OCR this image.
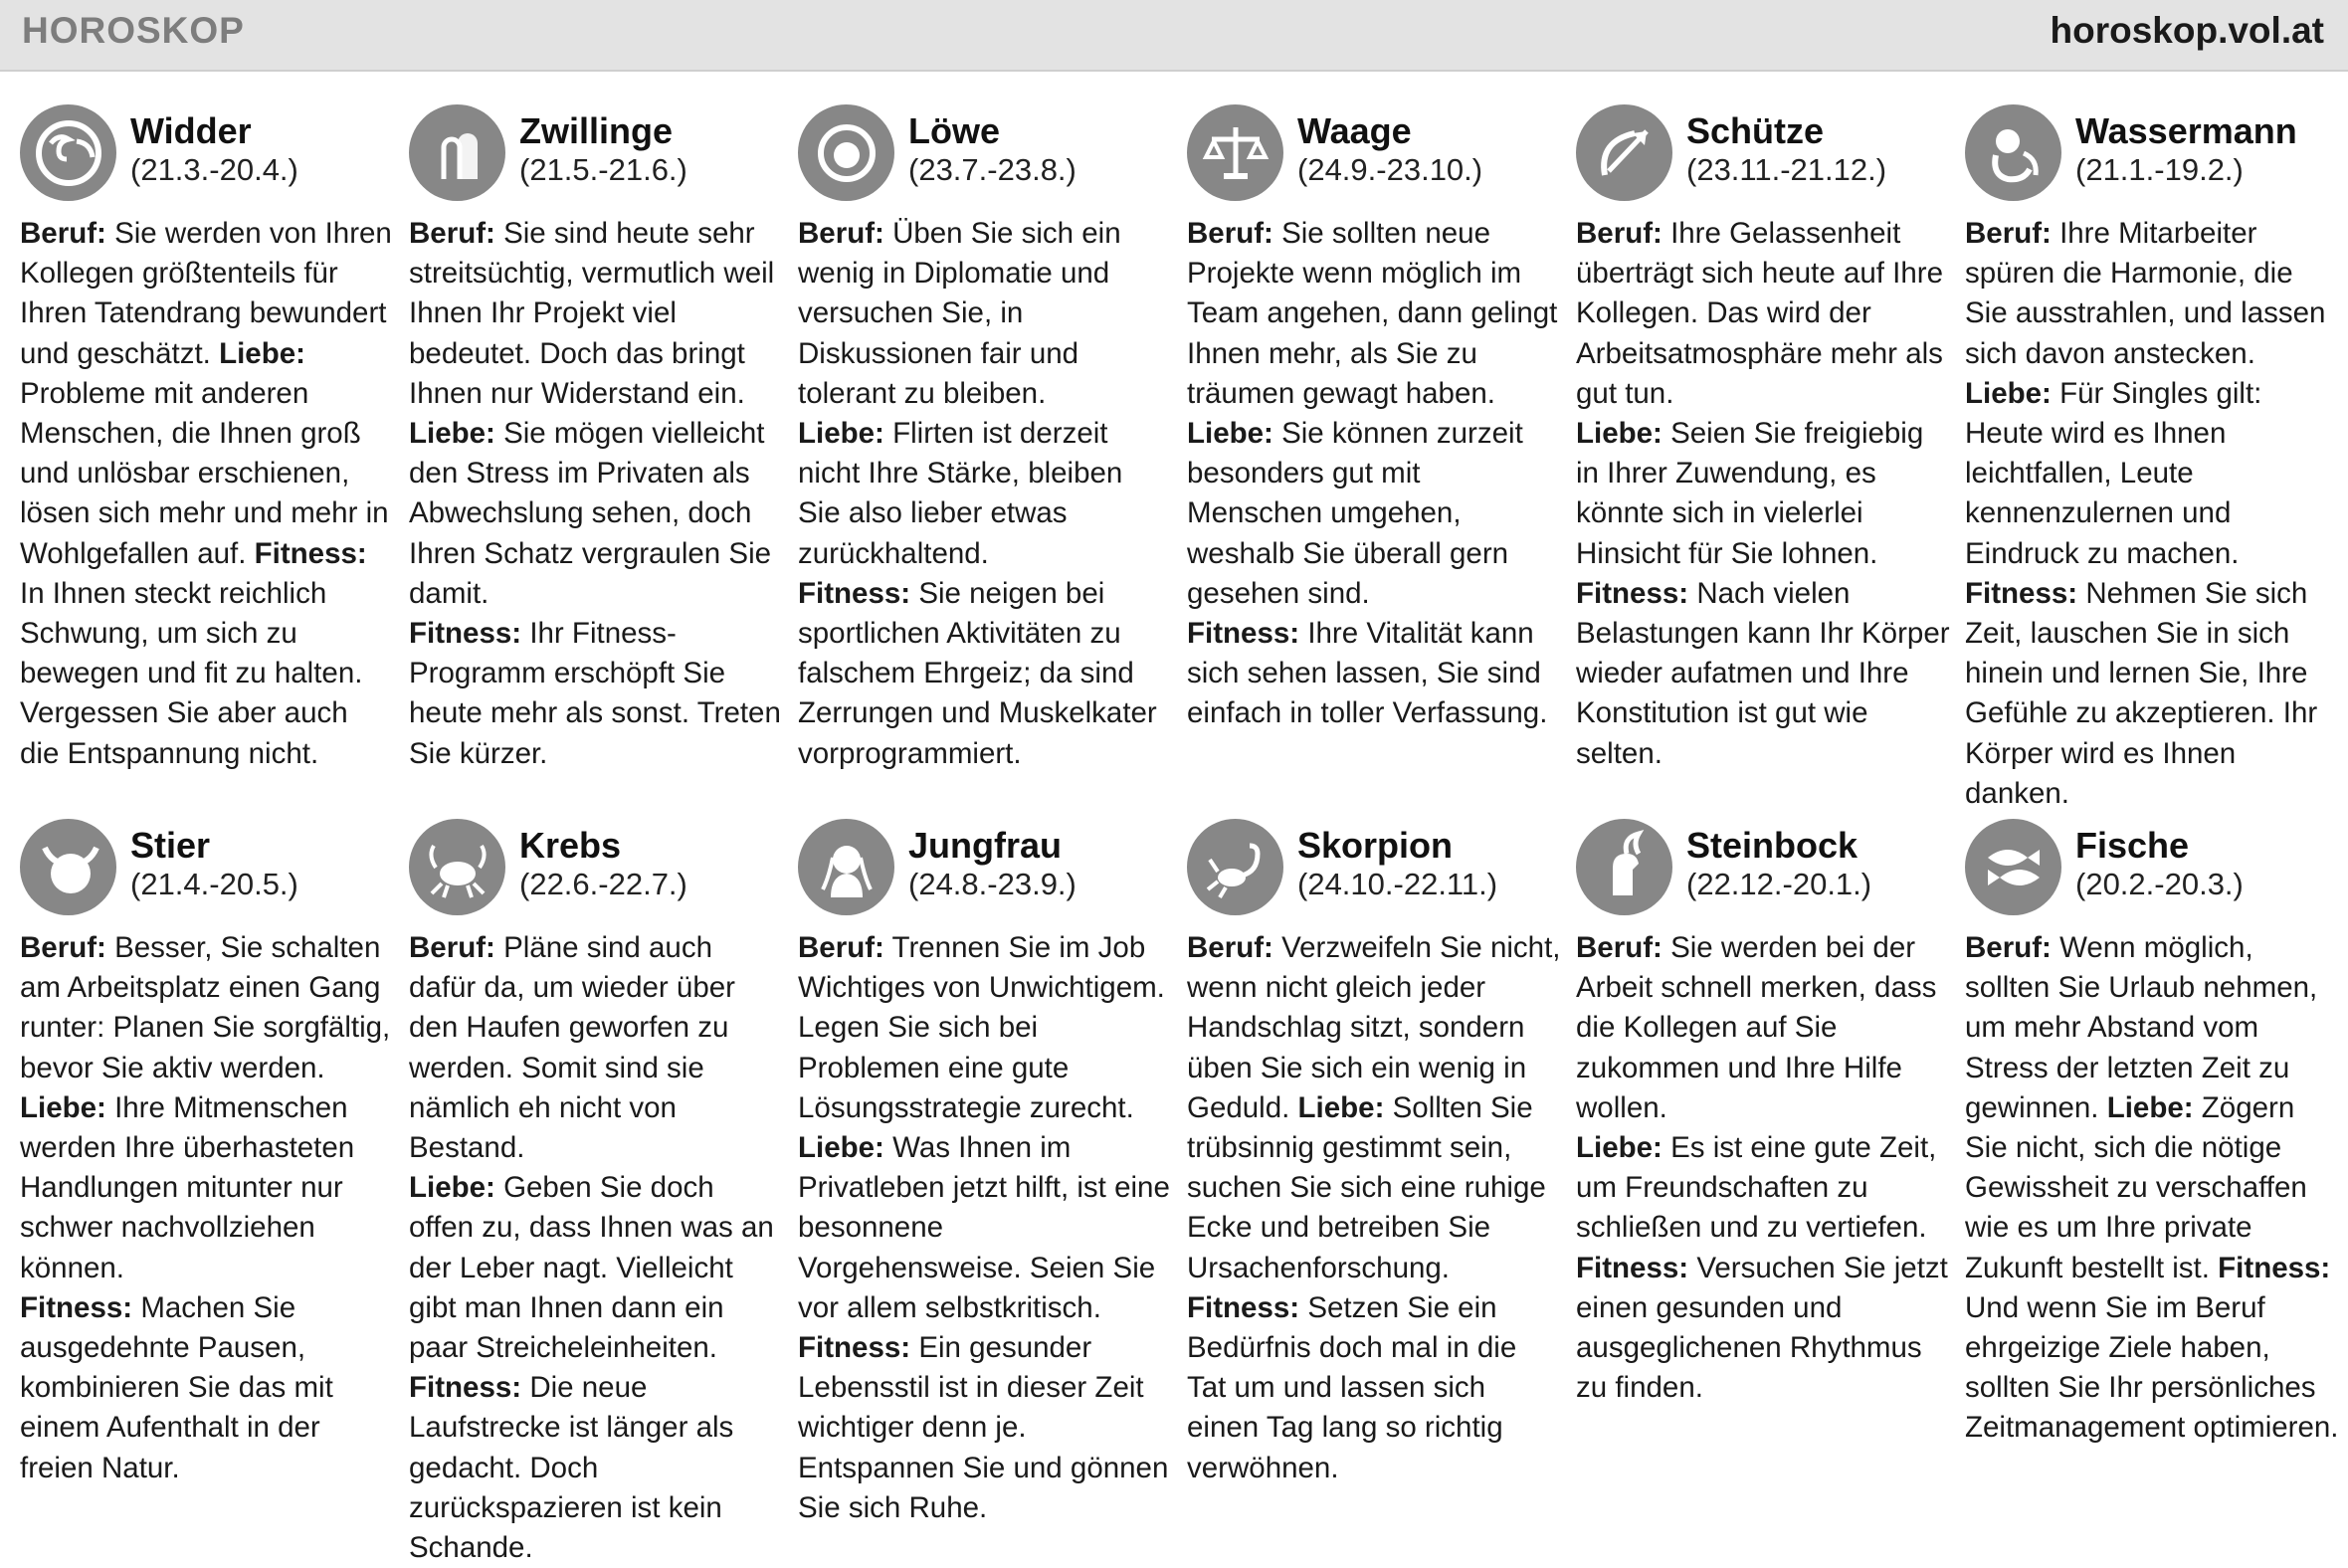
HOROSKOP	horoskop.vol.at
Widder
(21.3.-20.4.)
Beruf: Sie werden von Ihren Kollegen größtenteils für Ihren Tatendrang bewundert und geschätzt. Liebe: Probleme mit anderen Menschen, die Ihnen groß und unlösbar erschienen, lösen sich mehr und mehr in Wohlgefallen auf. Fitness: In Ihnen steckt reichlich Schwung, um sich zu bewegen und fit zu halten. Vergessen Sie aber auch die Entspannung nicht.
Zwillinge
(21.5.-21.6.)
Beruf: Sie sind heute sehr streitsüchtig, vermutlich weil Ihnen Ihr Projekt viel bedeutet. Doch das bringt Ihnen nur Widerstand ein.
Liebe: Sie mögen vielleicht den Stress im Privaten als Abwechslung sehen, doch Ihren Schatz vergraulen Sie damit.
Fitness: Ihr Fitness-Programm erschöpft Sie heute mehr als sonst. Treten Sie kürzer.
Löwe
(23.7.-23.8.)
Beruf: Üben Sie sich ein wenig in Diplomatie und versuchen Sie, in Diskussionen fair und tolerant zu bleiben.
Liebe: Flirten ist derzeit nicht Ihre Stärke, bleiben Sie also lieber etwas zurückhaltend.
Fitness: Sie neigen bei sportlichen Aktivitäten zu falschem Ehrgeiz; da sind Zerrungen und Muskelkater vorprogrammiert.
Waage
(24.9.-23.10.)
Beruf: Sie sollten neue Projekte wenn möglich im Team angehen, dann gelingt Ihnen mehr, als Sie zu träumen gewagt haben. Liebe: Sie können zurzeit besonders gut mit Menschen umgehen, weshalb Sie überall gern gesehen sind.
Fitness: Ihre Vitalität kann sich sehen lassen, Sie sind einfach in toller Verfassung.
Schütze
(23.11.-21.12.)
Beruf: Ihre Gelassenheit überträgt sich heute auf Ihre Kollegen. Das wird der Arbeitsatmosphäre mehr als gut tun.
Liebe: Seien Sie freigiebig in Ihrer Zuwendung, es könnte sich in vielerlei Hinsicht für Sie lohnen.
Fitness: Nach vielen Belastungen kann Ihr Körper wieder aufatmen und Ihre Konstitution ist gut wie selten.
Wassermann
(21.1.-19.2.)
Beruf: Ihre Mitarbeiter spüren die Harmonie, die Sie ausstrahlen, und lassen sich davon anstecken.
Liebe: Für Singles gilt: Heute wird es Ihnen leichtfallen, Leute kennenzulernen und Eindruck zu machen.
Fitness: Nehmen Sie sich Zeit, lauschen Sie in sich hinein und lernen Sie, Ihre Gefühle zu akzeptieren. Ihr Körper wird es Ihnen danken.
Stier
(21.4.-20.5.)
Beruf: Besser, Sie schalten am Arbeitsplatz einen Gang runter: Planen Sie sorgfältig, bevor Sie aktiv werden. Liebe: Ihre Mitmenschen werden Ihre überhasteten Handlungen mitunter nur schwer nachvollziehen können.
Fitness: Machen Sie ausgedehnte Pausen, kombinieren Sie das mit einem Aufenthalt in der freien Natur.
Krebs
(22.6.-22.7.)
Beruf: Pläne sind auch dafür da, um wieder über den Haufen geworfen zu werden. Somit sind sie nämlich eh nicht von Bestand.
Liebe: Geben Sie doch offen zu, dass Ihnen was an der Leber nagt. Vielleicht gibt man Ihnen dann ein paar Streicheleinheiten.
Fitness: Die neue Laufstrecke ist länger als gedacht. Doch zurückspazieren ist kein Schande.
Jungfrau
(24.8.-23.9.)
Beruf: Trennen Sie im Job Wichtiges von Unwichtigem. Legen Sie sich bei Problemen eine gute Lösungsstrategie zurecht.
Liebe: Was Ihnen im Privatleben jetzt hilft, ist eine besonnene Vorgehensweise. Seien Sie vor allem selbstkritisch.
Fitness: Ein gesunder Lebensstil ist in dieser Zeit wichtiger denn je. Entspannen Sie und gönnen Sie sich Ruhe.
Skorpion
(24.10.-22.11.)
Beruf: Verzweifeln Sie nicht, wenn nicht gleich jeder Handschlag sitzt, sondern üben Sie sich ein wenig in Geduld. Liebe: Sollten Sie trübsinnig gestimmt sein, suchen Sie sich eine ruhige Ecke und betreiben Sie Ursachenforschung. Fitness: Setzen Sie ein Bedürfnis doch mal in die Tat um und lassen sich einen Tag lang so richtig verwöhnen.
Steinbock
(22.12.-20.1.)
Beruf: Sie werden bei der Arbeit schnell merken, dass die Kollegen auf Sie zukommen und Ihre Hilfe wollen.
Liebe: Es ist eine gute Zeit, um Freundschaften zu schließen und zu vertiefen.
Fitness: Versuchen Sie jetzt einen gesunden und ausgeglichenen Rhythmus zu finden.
Fische
(20.2.-20.3.)
Beruf: Wenn möglich, sollten Sie Urlaub nehmen, um mehr Abstand vom Stress der letzten Zeit zu gewinnen. Liebe: Zögern Sie nicht, sich die nötige Gewissheit zu verschaffen wie es um Ihre private Zukunft bestellt ist. Fitness: Und wenn Sie im Beruf ehrgeizige Ziele haben, sollten Sie Ihr persönliches Zeitmanagement optimieren.
